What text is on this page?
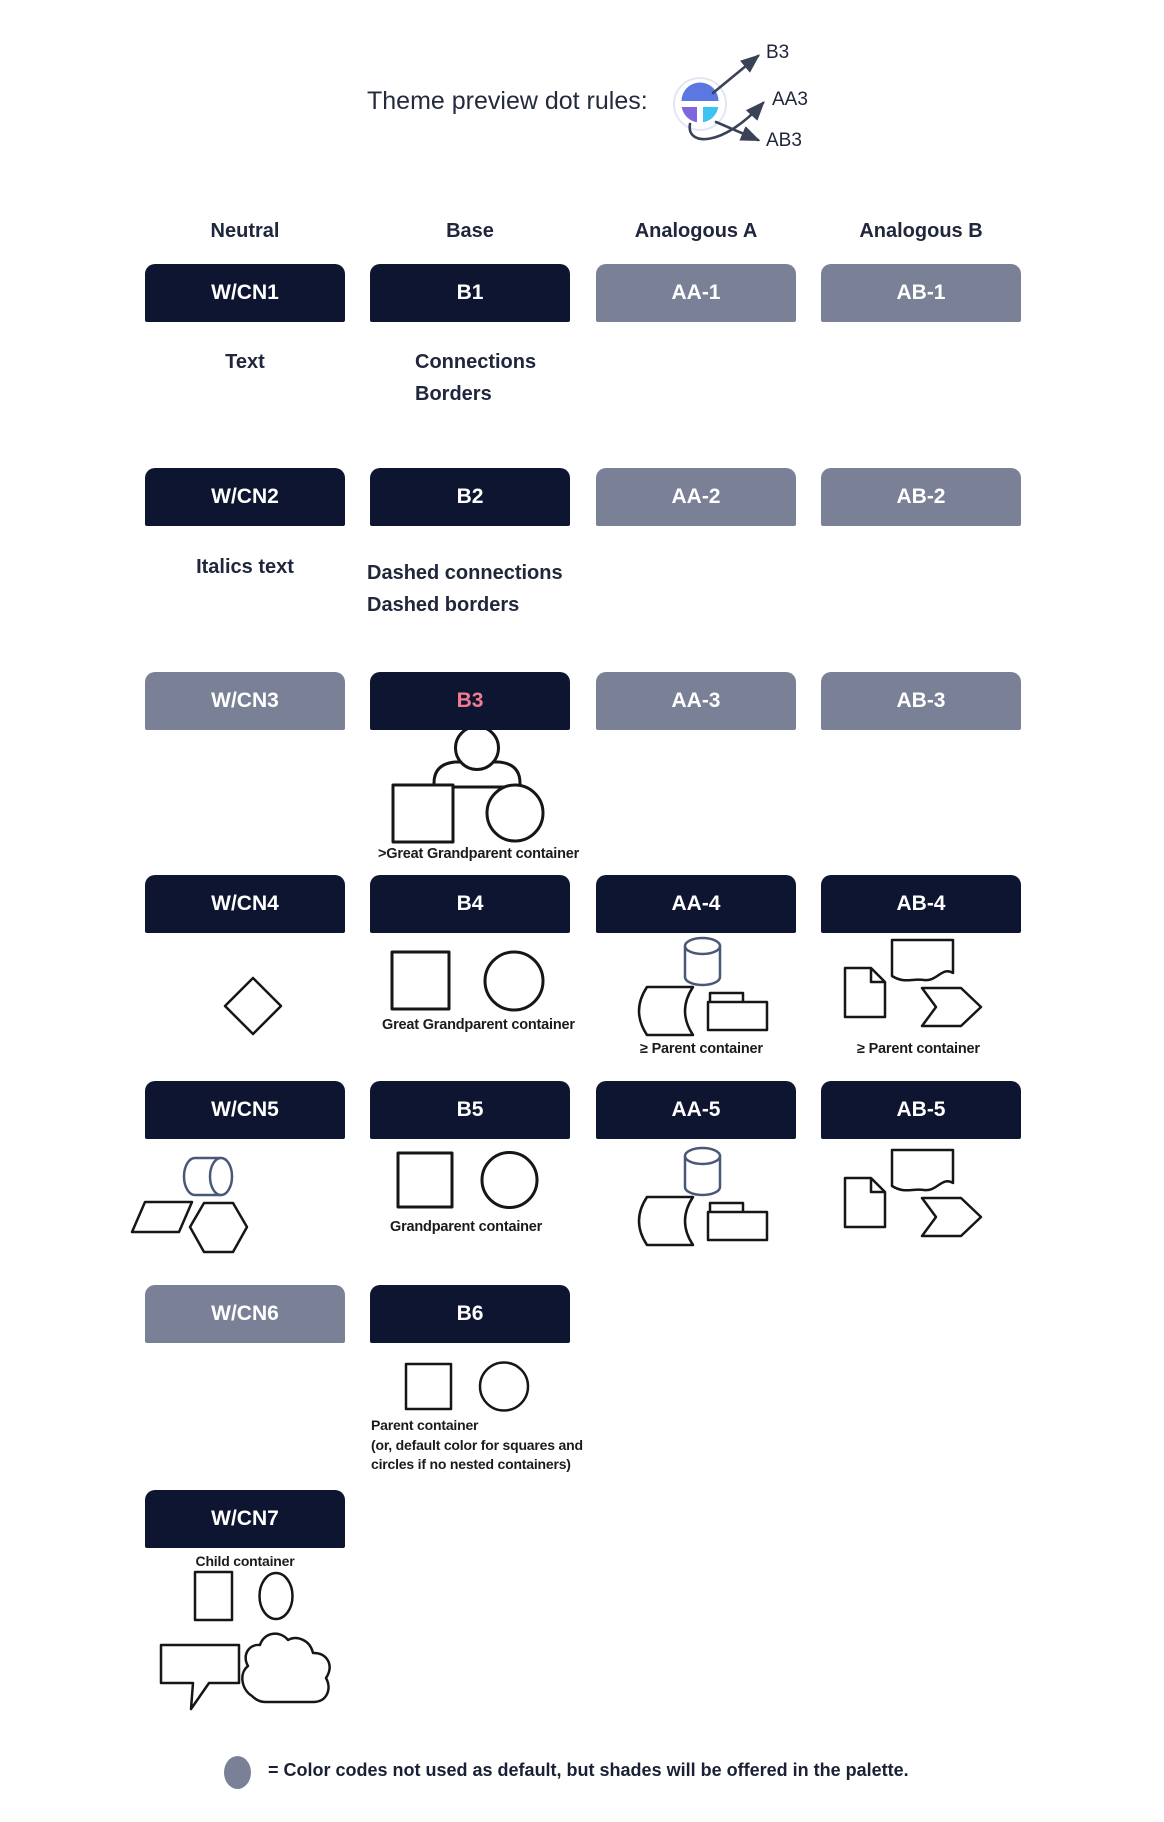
Theme preview dot rules:
B3
AA3
AB3
Neutral	Base	Analogous A	Analogous B
W/CN1	B1	AA-1	AB-1
Text	Connections
Borders
W/CN2	B2	AA-2	AB-2
Italics text	Dashed connections
Dashed borders
W/CN3	B3	AA-3	AB-3
>Great Grandparent container
W/CN4	B4	AA-4	AB-4
Great Grandparent container
≥ Parent container	≥ Parent container
W/CN5	B5	AA-5	AB-5
Grandparent container
W/CN6	B6
Parent container
(or, default color for squares and
circles if no nested containers)
W/CN7
Child container
= Color codes not used as default, but shades will be offered in the palette.
